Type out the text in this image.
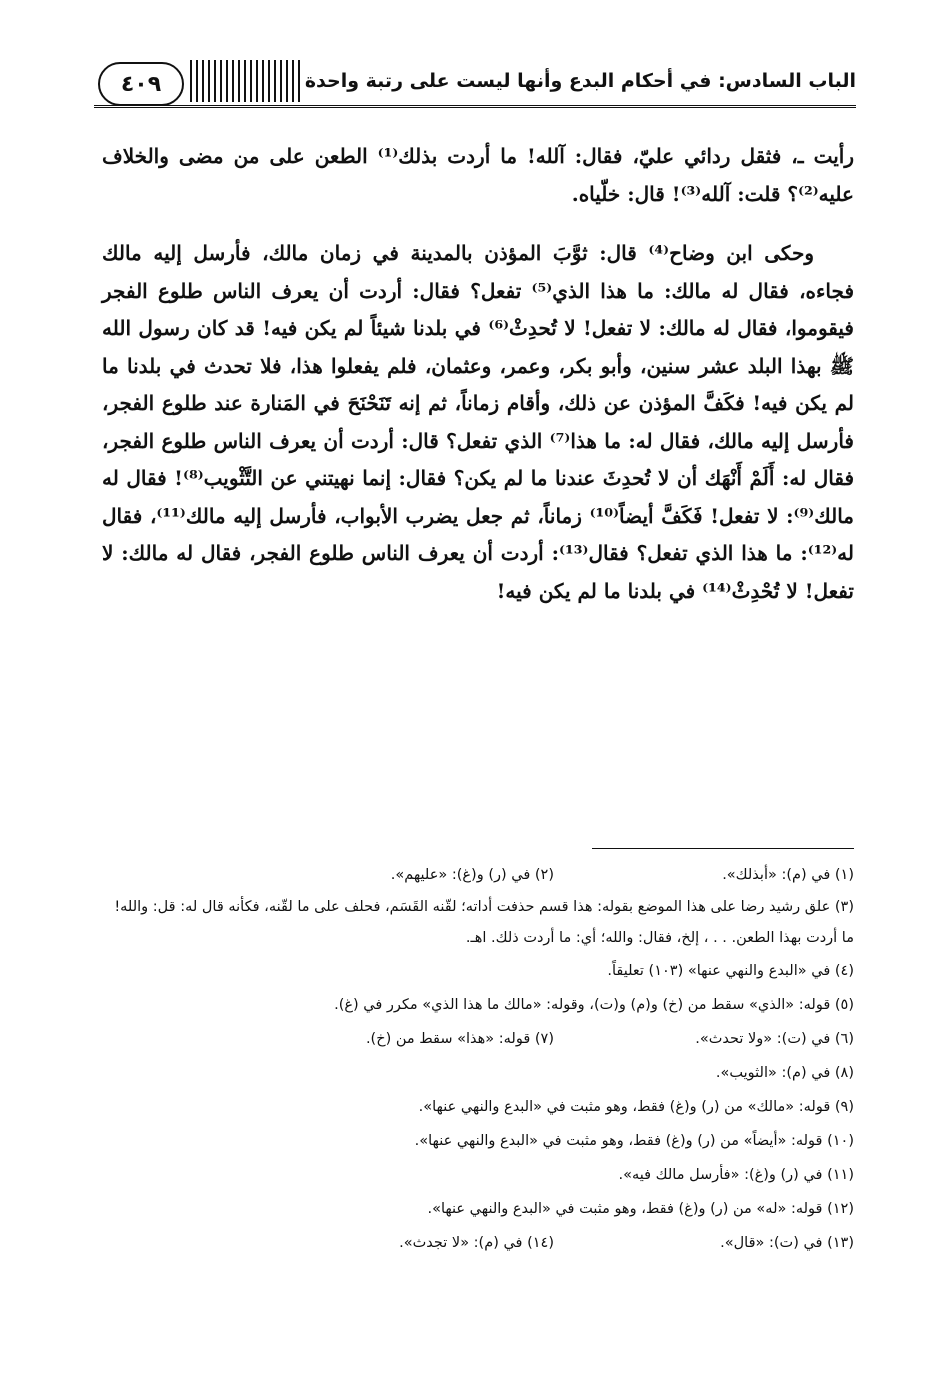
٤٠٩	الباب السادس: في أحكام البدع وأنها ليست على رتبة واحدة

رأيت ـ، فثقل ردائي عليّ، فقال: آلله! ما أردت بذلك⁽¹⁾ الطعن على من مضى والخلاف عليه⁽²⁾؟ قلت: آلله⁽³⁾! قال: خلّياه.

وحكى ابن وضاح⁽⁴⁾ قال: ثوَّبَ المؤذن بالمدينة في زمان مالك، فأرسل إليه مالك فجاءه، فقال له مالك: ما هذا الذي⁽⁵⁾ تفعل؟ فقال: أردت أن يعرف الناس طلوع الفجر فيقوموا، فقال له مالك: لا تفعل! لا تُحدِثْ⁽⁶⁾ في بلدنا شيئاً لم يكن فيه! قد كان رسول الله ﷺ بهذا البلد عشر سنين، وأبو بكر، وعمر، وعثمان، فلم يفعلوا هذا، فلا تحدث في بلدنا ما لم يكن فيه! فكَفَّ المؤذن عن ذلك، وأقام زماناً، ثم إنه تَنَحْنَحَ في المَنارة عند طلوع الفجر، فأرسل إليه مالك، فقال له: ما هذا⁽⁷⁾ الذي تفعل؟ قال: أردت أن يعرف الناس طلوع الفجر، فقال له: أَلَمْ أَنْهَك أن لا تُحدِثَ عندنا ما لم يكن؟ فقال: إنما نهيتني عن التَّثْويب⁽⁸⁾! فقال له مالك⁽⁹⁾: لا تفعل! فَكَفَّ أيضاً⁽¹⁰⁾ زماناً، ثم جعل يضرب الأبواب، فأرسل إليه مالك⁽¹¹⁾، فقال له⁽¹²⁾: ما هذا الذي تفعل؟ فقال⁽¹³⁾: أردت أن يعرف الناس طلوع الفجر، فقال له مالك: لا تفعل! لا تُحْدِثْ⁽¹⁴⁾ في بلدنا ما لم يكن فيه!

(١) في (م): «أبذلك».
(٢) في (ر) و(غ): «عليهم».
(٣) علق رشيد رضا على هذا الموضع بقوله: هذا قسم حذفت أداته؛ لقّنه القَسَم، فحلف على ما لقّنه، فكأنه قال له: قل: والله! ما أردت بهذا الطعن. . . ، إلخ، فقال: والله؛ أي: ما أردت ذلك. اهـ.
(٤) في «البدع والنهي عنها» (١٠٣) تعليقاً.
(٥) قوله: «الذي» سقط من (خ) و(م) و(ت)، وقوله: «مالك ما هذا الذي» مكرر في (غ).
(٦) في (ت): «ولا تحدث».
(٧) قوله: «هذا» سقط من (خ).
(٨) في (م): «الثويب».
(٩) قوله: «مالك» من (ر) و(غ) فقط، وهو مثبت في «البدع والنهي عنها».
(١٠) قوله: «أيضاً» من (ر) و(غ) فقط، وهو مثبت في «البدع والنهي عنها».
(١١) في (ر) و(غ): «فأرسل مالك فيه».
(١٢) قوله: «له» من (ر) و(غ) فقط، وهو مثبت في «البدع والنهي عنها».
(١٣) في (ت): «قال».
(١٤) في (م): «لا تجدث».
